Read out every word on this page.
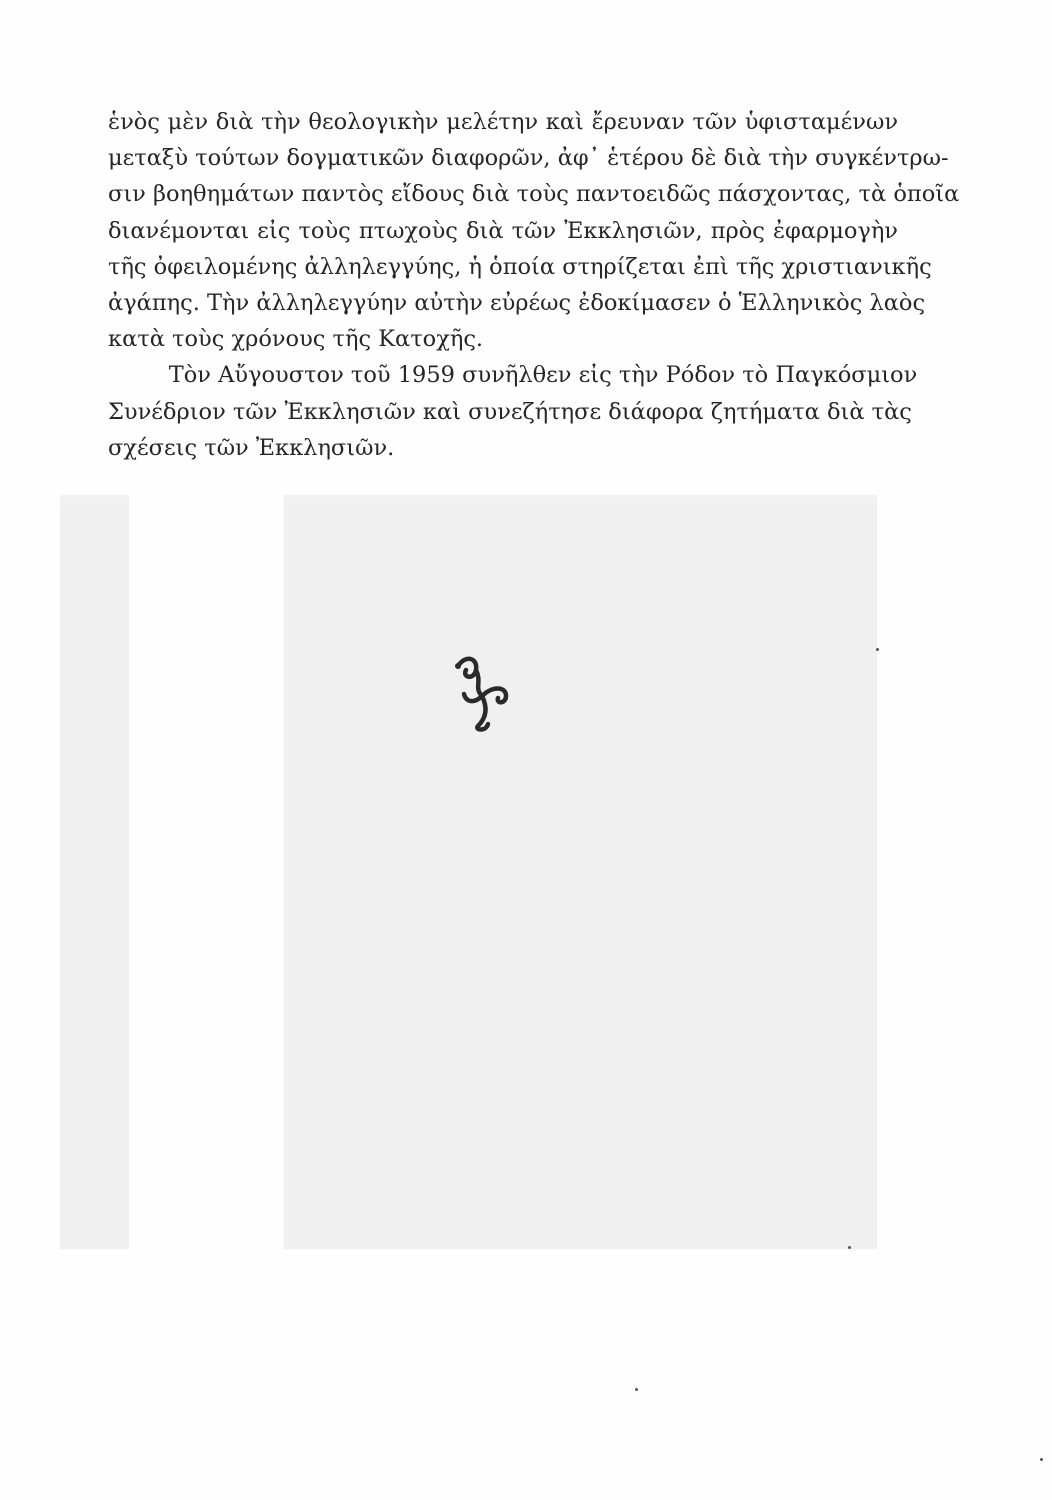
ἑνὸς μὲν διὰ τὴν θεολογικὴν μελέτην καὶ ἔρευναν τῶν ὑφισταμένων
μεταξὺ τούτων δογματικῶν διαφορῶν, ἀφ᾽ ἑτέρου δὲ διὰ τὴν συγκέντρω-
σιν βοηθημάτων παντὸς εἴδους διὰ τοὺς παντοειδῶς πάσχοντας, τὰ ὁποῖα
διανέμονται εἰς τοὺς πτωχοὺς διὰ τῶν Ἐκκλησιῶν, πρὸς ἐφαρμογὴν
τῆς ὀφειλομένης ἀλληλεγγύης, ἡ ὁποία στηρίζεται ἐπὶ τῆς χριστιανικῆς
ἀγάπης. Τὴν ἀλληλεγγύην αὐτὴν εὐρέως ἐδοκίμασεν ὁ Ἑλληνικὸς λαὸς
κατὰ τοὺς χρόνους τῆς Κατοχῆς.

Τὸν Αὔγουστον τοῦ 1959 συνῆλθεν εἰς τὴν Ρόδον τὸ Παγκόσμιον
Συνέδριον τῶν Ἐκκλησιῶν καὶ συνεζήτησε διάφορα ζητήματα διὰ τὰς
σχέσεις τῶν Ἐκκλησιῶν.
